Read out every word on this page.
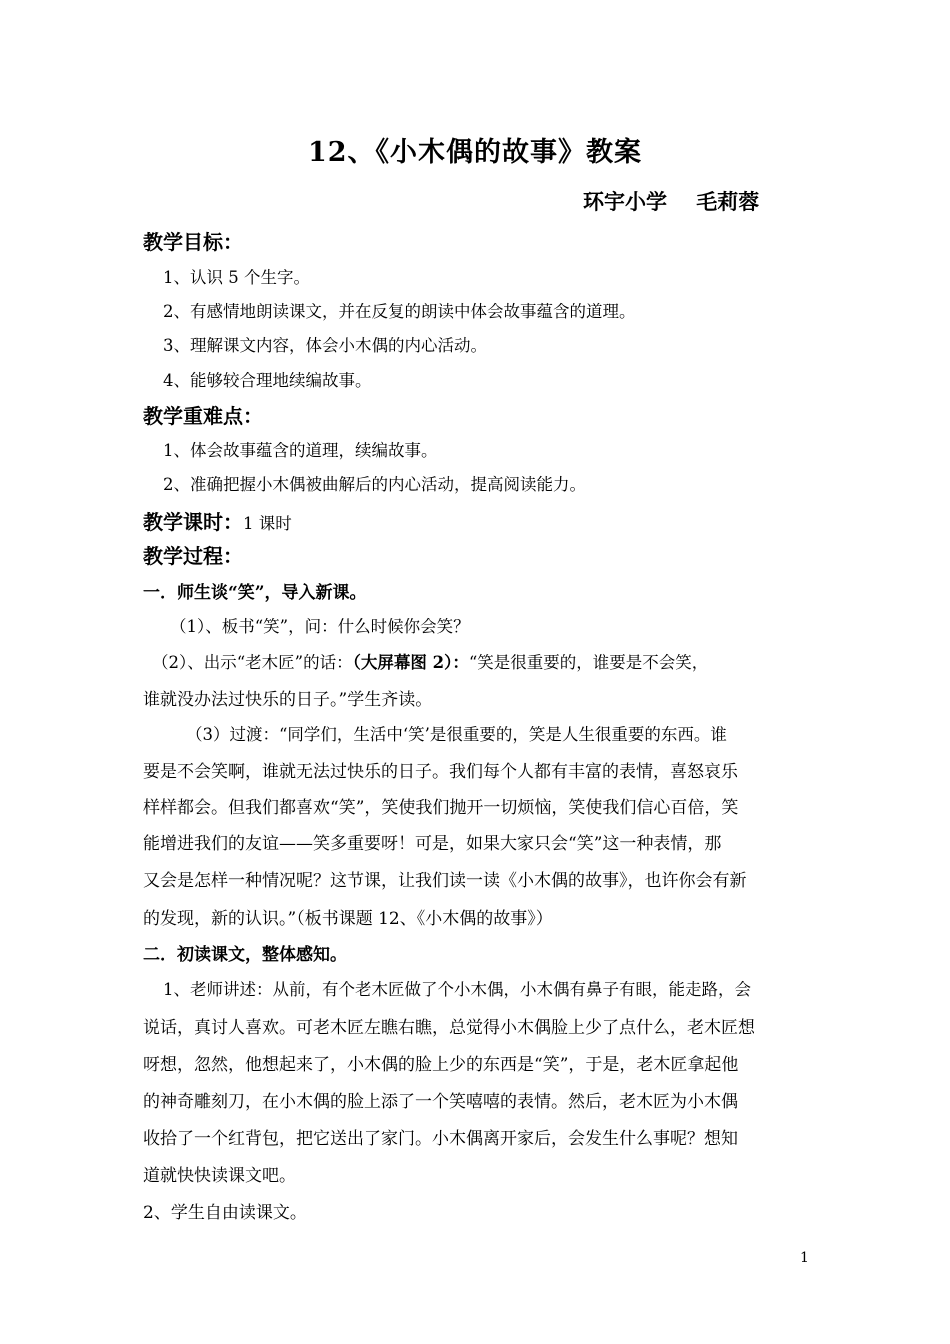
12、《小木偶的故事》教案
环宇小学    毛莉蓉
教学目标：
1、认识 5 个生字。
2、有感情地朗读课文，并在反复的朗读中体会故事蕴含的道理。
3、理解课文内容，体会小木偶的内心活动。
4、能够较合理地续编故事。
教学重难点：
1、体会故事蕴含的道理，续编故事。
2、准确把握小木偶被曲解后的内心活动，提高阅读能力。
教学课时：1 课时
教学过程：
一．师生谈“笑”，导入新课。
（1）、板书“笑”，问：什么时候你会笑？
（2）、出示“老木匠”的话：（大屏幕图 2）：“笑是很重要的，谁要是不会笑，
谁就没办法过快乐的日子。”学生齐读。
（3）过渡：“同学们，生活中‘笑’是很重要的，笑是人生很重要的东西。谁
要是不会笑啊，谁就无法过快乐的日子。我们每个人都有丰富的表情，喜怒哀乐
样样都会。但我们都喜欢“笑”，笑使我们抛开一切烦恼，笑使我们信心百倍，笑
能增进我们的友谊——笑多重要呀！可是，如果大家只会“笑”这一种表情，那
又会是怎样一种情况呢？这节课，让我们读一读《小木偶的故事》，也许你会有新
的发现，新的认识。”（板书课题 12、《小木偶的故事》）
二．初读课文，整体感知。
1、老师讲述：从前，有个老木匠做了个小木偶，小木偶有鼻子有眼，能走路，会
说话，真讨人喜欢。可老木匠左瞧右瞧，总觉得小木偶脸上少了点什么，老木匠想
呀想，忽然，他想起来了，小木偶的脸上少的东西是“笑”，于是，老木匠拿起他
的神奇雕刻刀，在小木偶的脸上添了一个笑嘻嘻的表情。然后，老木匠为小木偶
收拾了一个红背包，把它送出了家门。小木偶离开家后，会发生什么事呢？想知
道就快快读课文吧。
2、学生自由读课文。
1
